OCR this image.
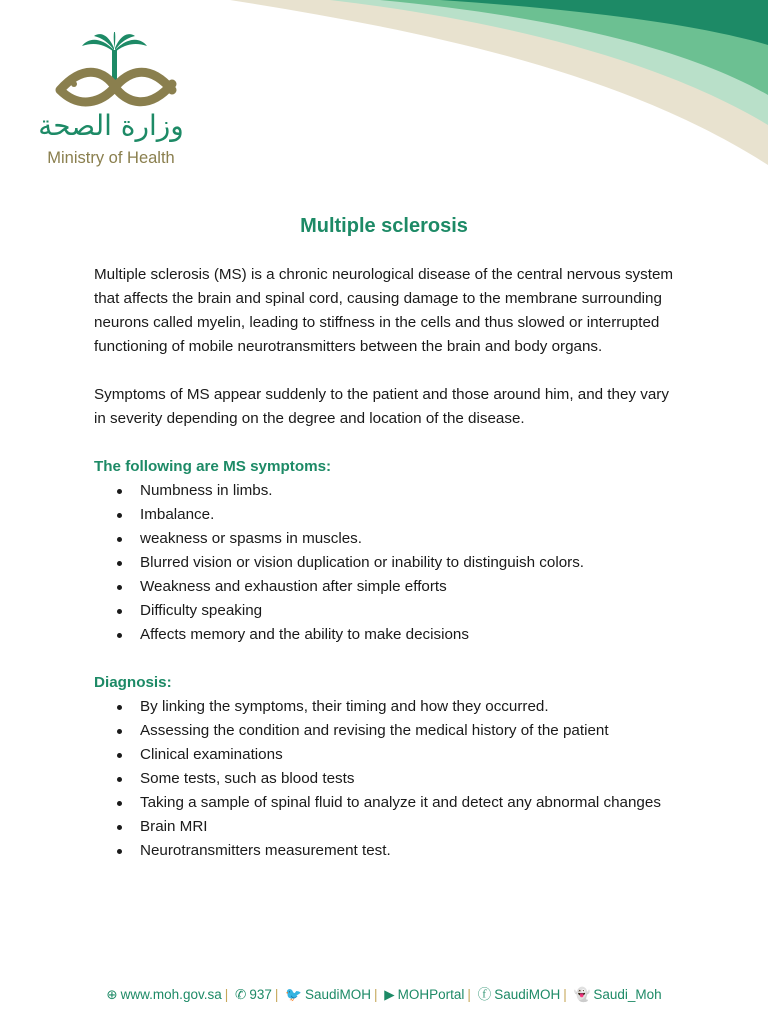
وزارة الصحة
Ministry of Health
Multiple sclerosis

Multiple sclerosis (MS) is a chronic neurological disease of the central nervous system that affects the brain and spinal cord, causing damage to the membrane surrounding neurons called myelin, leading to stiffness in the cells and thus slowed or interrupted functioning of mobile neurotransmitters between the brain and body organs.

Symptoms of MS appear suddenly to the patient and those around him, and they vary in severity depending on the degree and location of the disease.

The following are MS symptoms:
Numbness in limbs.
Imbalance.
weakness or spasms in muscles.
Blurred vision or vision duplication or inability to distinguish colors.
Weakness and exhaustion after simple efforts
Difficulty speaking
Affects memory and the ability to make decisions
Diagnosis:
By linking the symptoms, their timing and how they occurred.
Assessing the condition and revising the medical history of the patient
Clinical examinations
Some tests, such as blood tests
Taking a sample of spinal fluid to analyze it and detect any abnormal changes
Brain MRI
Neurotransmitters measurement test.
⊕ www.moh.gov.sa | ✆ 937 | 🐦 SaudiMOH | ▶ MOHPortal | ⓕ SaudiMOH | 👻 Saudi_Moh
